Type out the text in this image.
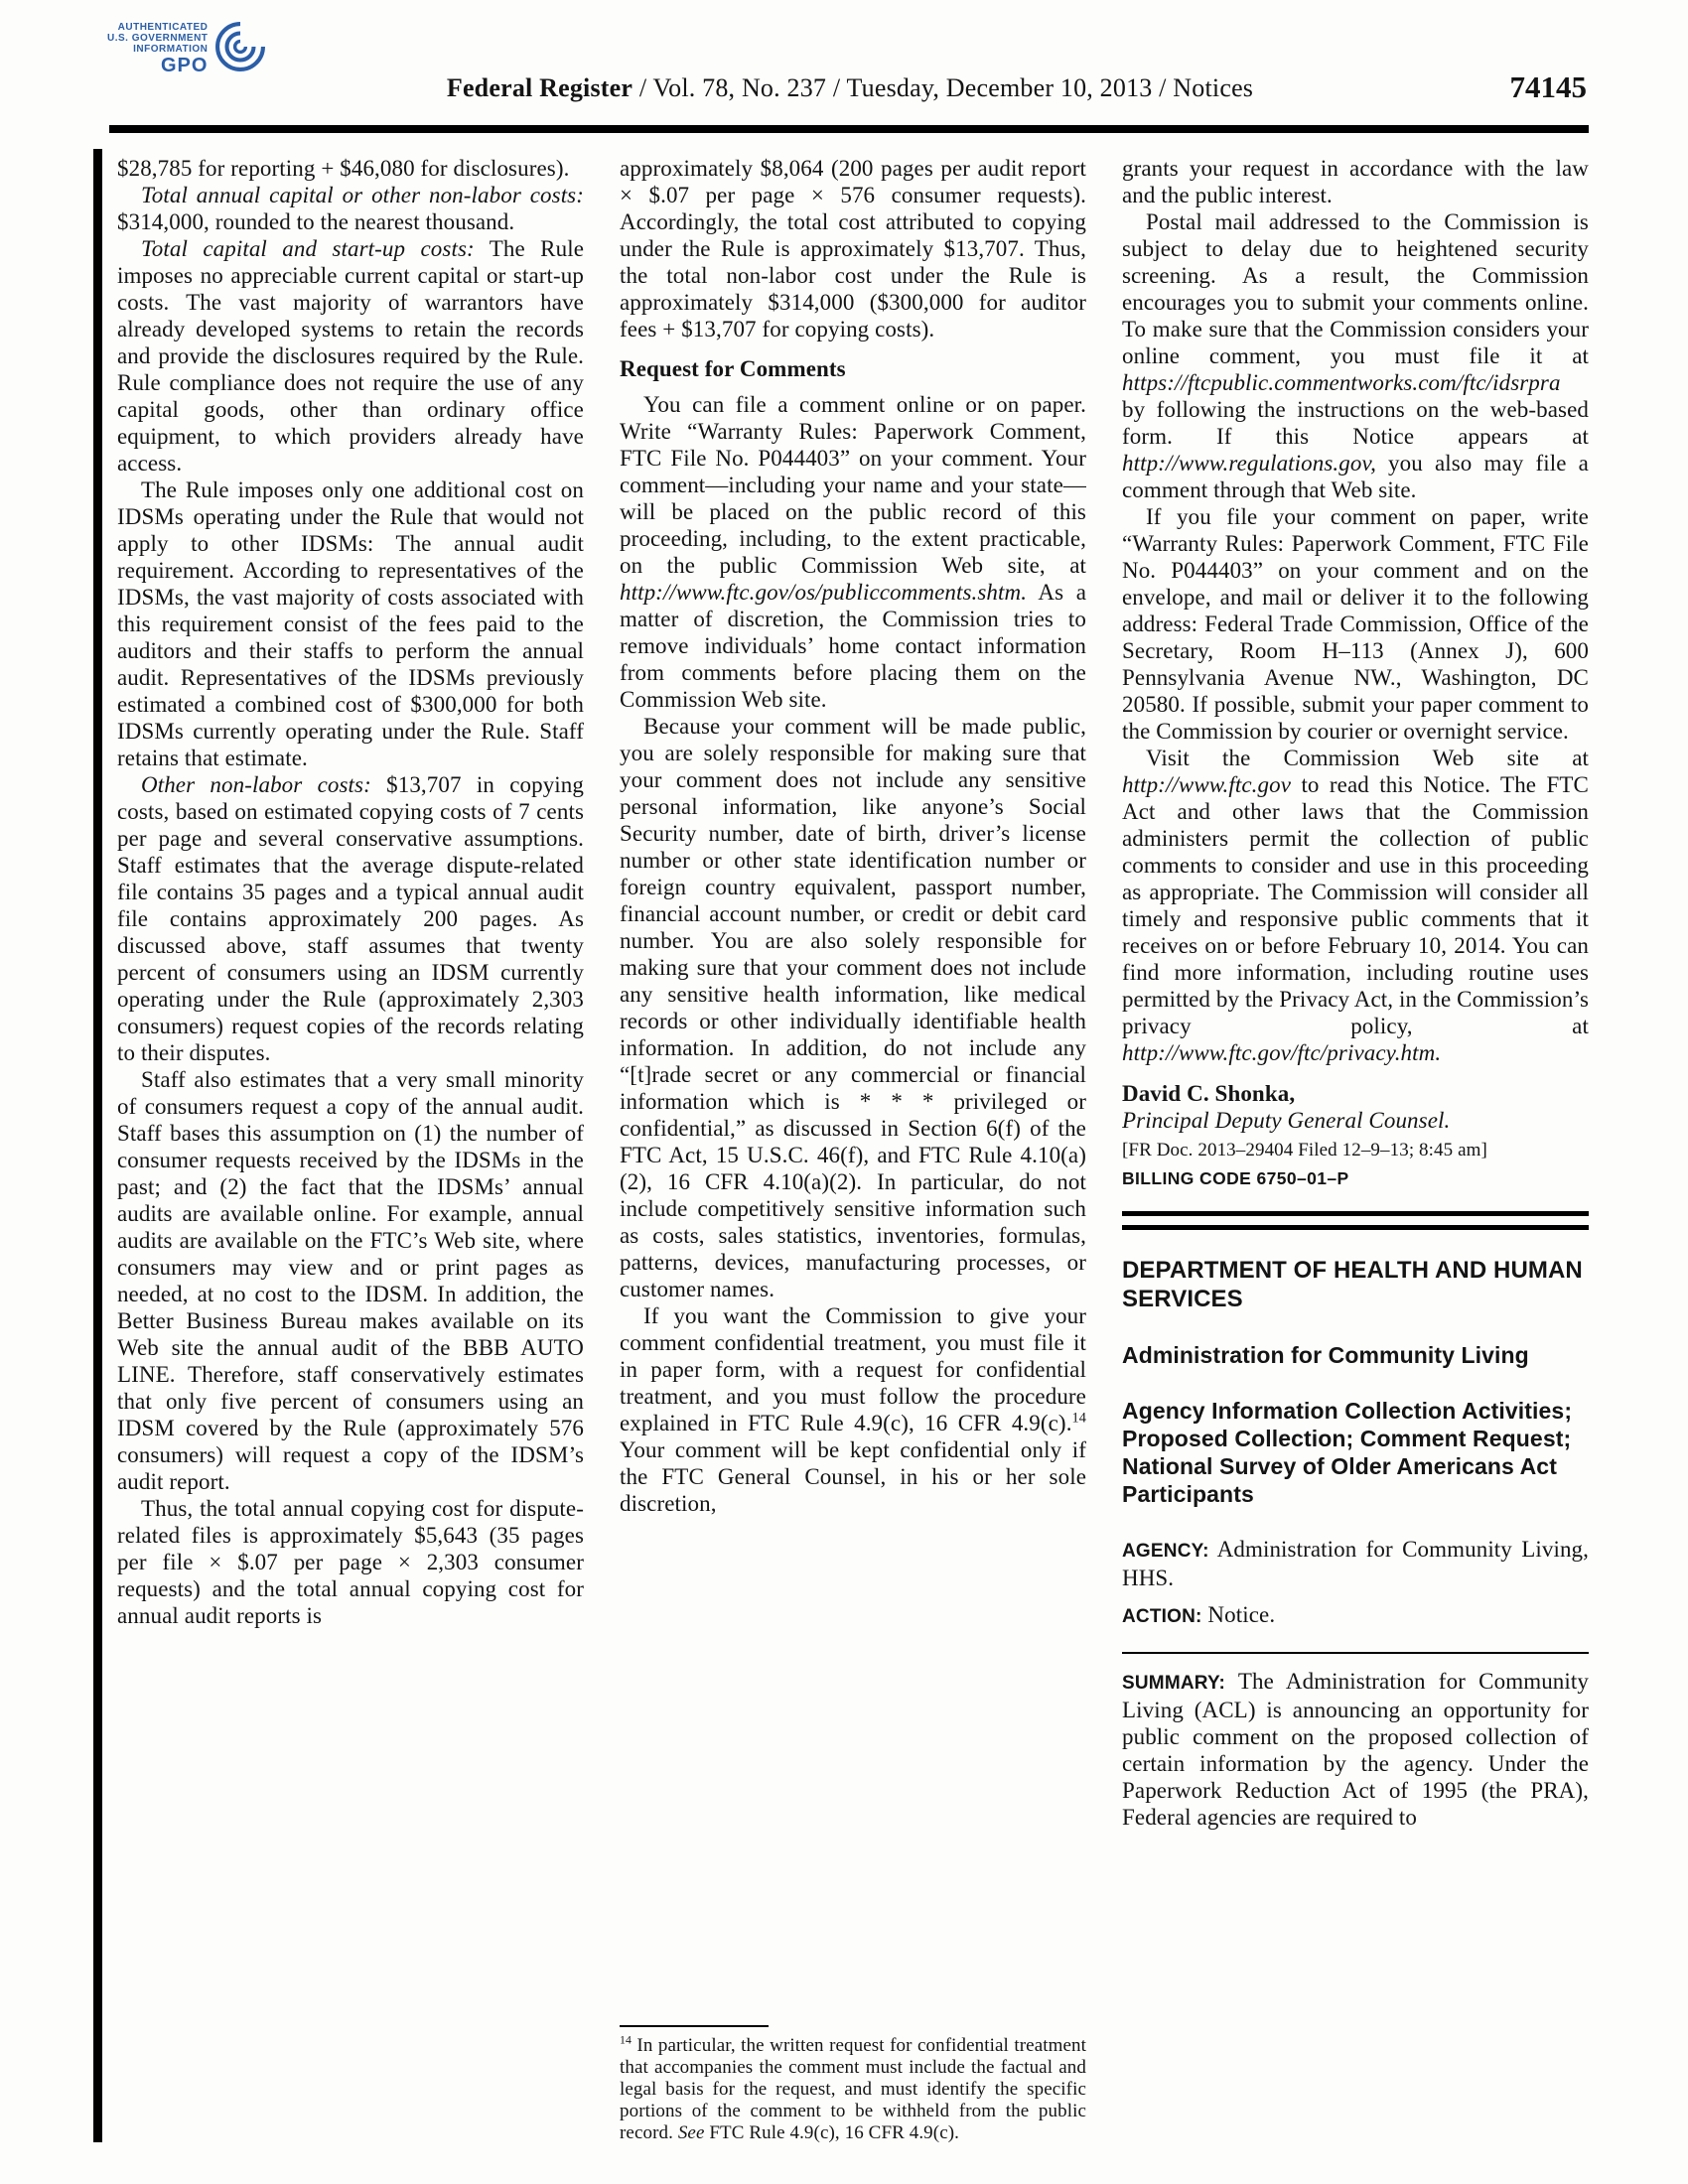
AUTHENTICATED
U.S. GOVERNMENT
INFORMATION
GPO
Federal Register / Vol. 78, No. 237 / Tuesday, December 10, 2013 / Notices	74145
$28,785 for reporting + $46,080 for disclosures).
Total annual capital or other non-labor costs: $314,000, rounded to the nearest thousand.
Total capital and start-up costs: The Rule imposes no appreciable current capital or start-up costs. The vast majority of warrantors have already developed systems to retain the records and provide the disclosures required by the Rule. Rule compliance does not require the use of any capital goods, other than ordinary office equipment, to which providers already have access.
The Rule imposes only one additional cost on IDSMs operating under the Rule that would not apply to other IDSMs: The annual audit requirement. According to representatives of the IDSMs, the vast majority of costs associated with this requirement consist of the fees paid to the auditors and their staffs to perform the annual audit. Representatives of the IDSMs previously estimated a combined cost of $300,000 for both IDSMs currently operating under the Rule. Staff retains that estimate.
Other non-labor costs: $13,707 in copying costs, based on estimated copying costs of 7 cents per page and several conservative assumptions. Staff estimates that the average dispute-related file contains 35 pages and a typical annual audit file contains approximately 200 pages. As discussed above, staff assumes that twenty percent of consumers using an IDSM currently operating under the Rule (approximately 2,303 consumers) request copies of the records relating to their disputes.
Staff also estimates that a very small minority of consumers request a copy of the annual audit. Staff bases this assumption on (1) the number of consumer requests received by the IDSMs in the past; and (2) the fact that the IDSMs’ annual audits are available online. For example, annual audits are available on the FTC’s Web site, where consumers may view and or print pages as needed, at no cost to the IDSM. In addition, the Better Business Bureau makes available on its Web site the annual audit of the BBB AUTO LINE. Therefore, staff conservatively estimates that only five percent of consumers using an IDSM covered by the Rule (approximately 576 consumers) will request a copy of the IDSM’s audit report.
Thus, the total annual copying cost for dispute-related files is approximately $5,643 (35 pages per file × $.07 per page × 2,303 consumer requests) and the total annual copying cost for annual audit reports is
approximately $8,064 (200 pages per audit report × $.07 per page × 576 consumer requests). Accordingly, the total cost attributed to copying under the Rule is approximately $13,707. Thus, the total non-labor cost under the Rule is approximately $314,000 ($300,000 for auditor fees + $13,707 for copying costs).
Request for Comments
You can file a comment online or on paper. Write “Warranty Rules: Paperwork Comment, FTC File No. P044403” on your comment. Your comment—including your name and your state—will be placed on the public record of this proceeding, including, to the extent practicable, on the public Commission Web site, at http://www.ftc.gov/os/publiccomments.shtm. As a matter of discretion, the Commission tries to remove individuals’ home contact information from comments before placing them on the Commission Web site.
Because your comment will be made public, you are solely responsible for making sure that your comment does not include any sensitive personal information, like anyone’s Social Security number, date of birth, driver’s license number or other state identification number or foreign country equivalent, passport number, financial account number, or credit or debit card number. You are also solely responsible for making sure that your comment does not include any sensitive health information, like medical records or other individually identifiable health information. In addition, do not include any “[t]rade secret or any commercial or financial information which is * * * privileged or confidential,” as discussed in Section 6(f) of the FTC Act, 15 U.S.C. 46(f), and FTC Rule 4.10(a)(2), 16 CFR 4.10(a)(2). In particular, do not include competitively sensitive information such as costs, sales statistics, inventories, formulas, patterns, devices, manufacturing processes, or customer names.
If you want the Commission to give your comment confidential treatment, you must file it in paper form, with a request for confidential treatment, and you must follow the procedure explained in FTC Rule 4.9(c), 16 CFR 4.9(c).$^{14}$ Your comment will be kept confidential only if the FTC General Counsel, in his or her sole discretion,
$^{14}$ In particular, the written request for confidential treatment that accompanies the comment must include the factual and legal basis for the request, and must identify the specific portions of the comment to be withheld from the public record. See FTC Rule 4.9(c), 16 CFR 4.9(c).
grants your request in accordance with the law and the public interest.
Postal mail addressed to the Commission is subject to delay due to heightened security screening. As a result, the Commission encourages you to submit your comments online. To make sure that the Commission considers your online comment, you must file it at https://ftcpublic.commentworks.com/ftc/idsrpra by following the instructions on the web-based form. If this Notice appears at http://www.regulations.gov, you also may file a comment through that Web site.
If you file your comment on paper, write “Warranty Rules: Paperwork Comment, FTC File No. P044403” on your comment and on the envelope, and mail or deliver it to the following address: Federal Trade Commission, Office of the Secretary, Room H–113 (Annex J), 600 Pennsylvania Avenue NW., Washington, DC 20580. If possible, submit your paper comment to the Commission by courier or overnight service.
Visit the Commission Web site at http://www.ftc.gov to read this Notice. The FTC Act and other laws that the Commission administers permit the collection of public comments to consider and use in this proceeding as appropriate. The Commission will consider all timely and responsive public comments that it receives on or before February 10, 2014. You can find more information, including routine uses permitted by the Privacy Act, in the Commission’s privacy policy, at http://www.ftc.gov/ftc/privacy.htm.
David C. Shonka,
Principal Deputy General Counsel.
[FR Doc. 2013–29404 Filed 12–9–13; 8:45 am]
BILLING CODE 6750–01–P
DEPARTMENT OF HEALTH AND HUMAN SERVICES
Administration for Community Living
Agency Information Collection Activities; Proposed Collection; Comment Request; National Survey of Older Americans Act Participants
AGENCY: Administration for Community Living, HHS.
ACTION: Notice.
SUMMARY: The Administration for Community Living (ACL) is announcing an opportunity for public comment on the proposed collection of certain information by the agency. Under the Paperwork Reduction Act of 1995 (the PRA), Federal agencies are required to
